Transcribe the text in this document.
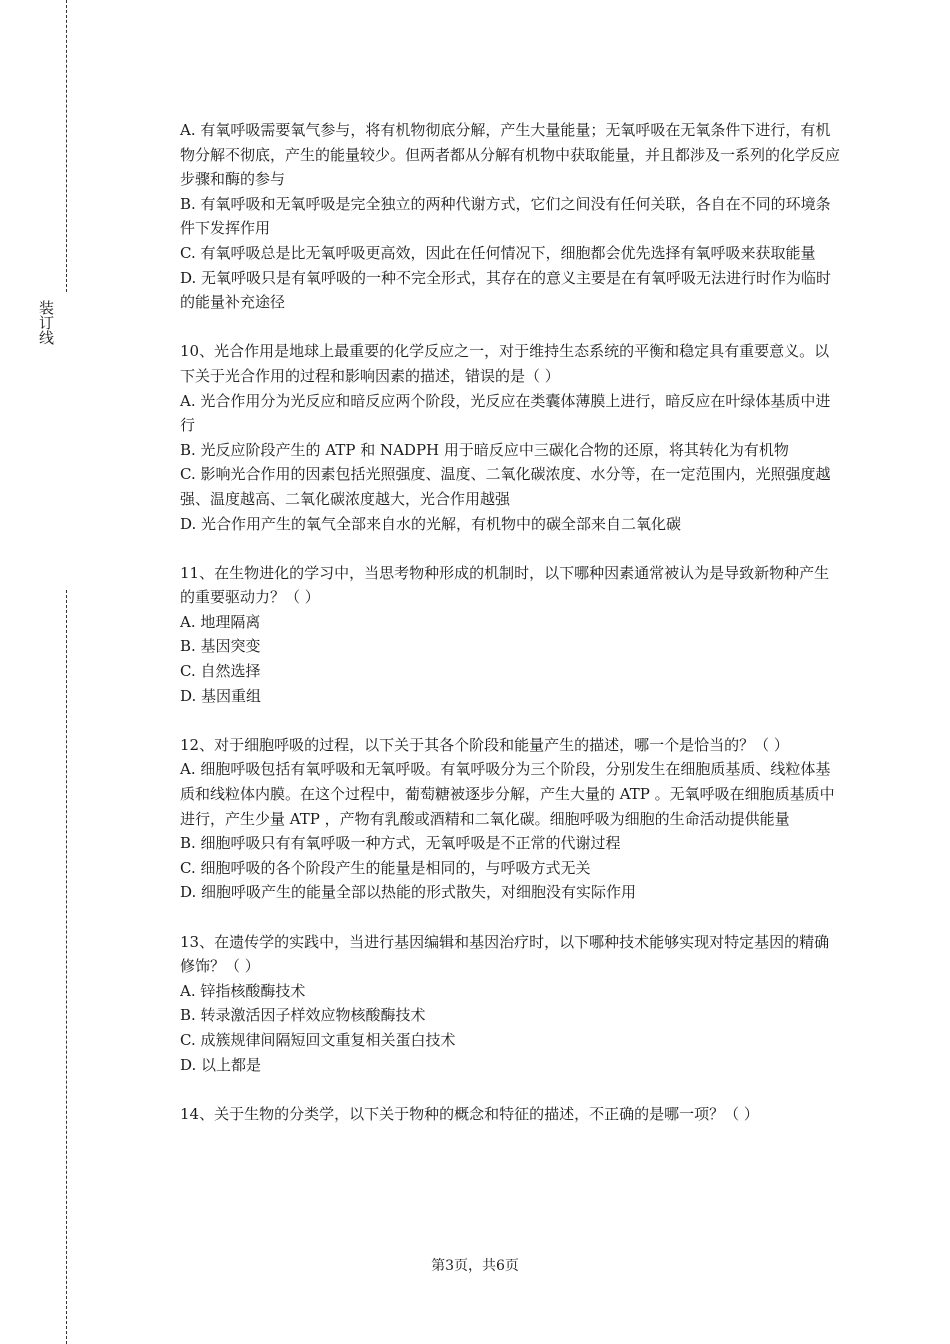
装订线

A. 有氧呼吸需要氧气参与，将有机物彻底分解，产生大量能量；无氧呼吸在无氧条件下进行，有机物分解不彻底，产生的能量较少。但两者都从分解有机物中获取能量，并且都涉及一系列的化学反应步骤和酶的参与

B. 有氧呼吸和无氧呼吸是完全独立的两种代谢方式，它们之间没有任何关联，各自在不同的环境条件下发挥作用

C. 有氧呼吸总是比无氧呼吸更高效，因此在任何情况下，细胞都会优先选择有氧呼吸来获取能量

D. 无氧呼吸只是有氧呼吸的一种不完全形式，其存在的意义主要是在有氧呼吸无法进行时作为临时的能量补充途径

10、光合作用是地球上最重要的化学反应之一，对于维持生态系统的平衡和稳定具有重要意义。以下关于光合作用的过程和影响因素的描述，错误的是（ ）

A. 光合作用分为光反应和暗反应两个阶段，光反应在类囊体薄膜上进行，暗反应在叶绿体基质中进行

B. 光反应阶段产生的 ATP 和 NADPH 用于暗反应中三碳化合物的还原，将其转化为有机物

C. 影响光合作用的因素包括光照强度、温度、二氧化碳浓度、水分等，在一定范围内，光照强度越强、温度越高、二氧化碳浓度越大，光合作用越强

D. 光合作用产生的氧气全部来自水的光解，有机物中的碳全部来自二氧化碳

11、在生物进化的学习中，当思考物种形成的机制时，以下哪种因素通常被认为是导致新物种产生的重要驱动力？（ ）

A. 地理隔离

B. 基因突变

C. 自然选择

D. 基因重组

12、对于细胞呼吸的过程，以下关于其各个阶段和能量产生的描述，哪一个是恰当的？（ ）

A. 细胞呼吸包括有氧呼吸和无氧呼吸。有氧呼吸分为三个阶段，分别发生在细胞质基质、线粒体基质和线粒体内膜。在这个过程中，葡萄糖被逐步分解，产生大量的 ATP 。无氧呼吸在细胞质基质中进行，产生少量 ATP ，产物有乳酸或酒精和二氧化碳。细胞呼吸为细胞的生命活动提供能量

B. 细胞呼吸只有有氧呼吸一种方式，无氧呼吸是不正常的代谢过程

C. 细胞呼吸的各个阶段产生的能量是相同的，与呼吸方式无关

D. 细胞呼吸产生的能量全部以热能的形式散失，对细胞没有实际作用

13、在遗传学的实践中，当进行基因编辑和基因治疗时，以下哪种技术能够实现对特定基因的精确修饰？（ ）

A. 锌指核酸酶技术

B. 转录激活因子样效应物核酸酶技术

C. 成簇规律间隔短回文重复相关蛋白技术

D. 以上都是

14、关于生物的分类学，以下关于物种的概念和特征的描述，不正确的是哪一项？（ ）

第3页，共6页
